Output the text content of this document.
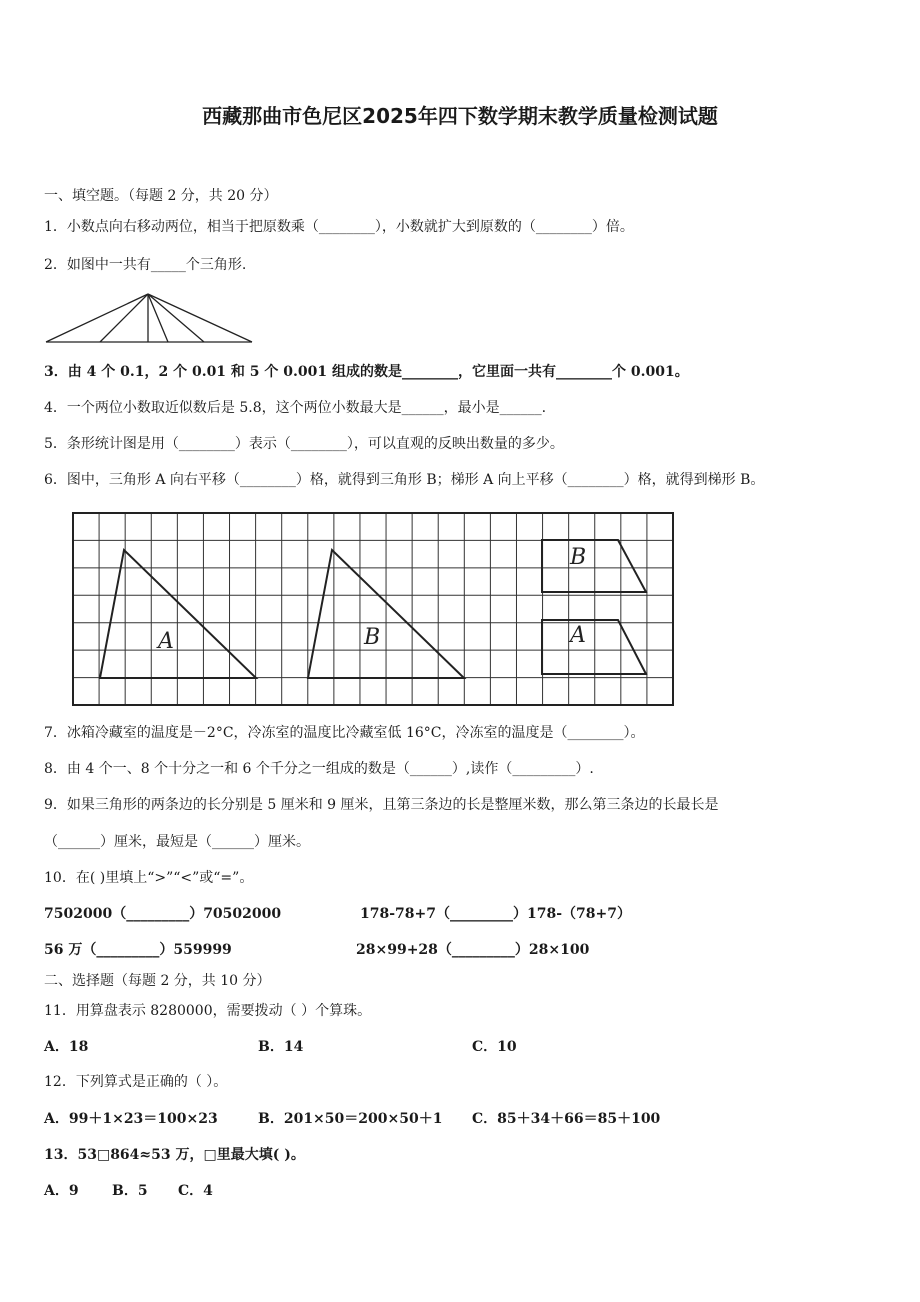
西藏那曲市色尼区2025年四下数学期末教学质量检测试题
一、填空题。（每题 2 分，共 20 分）
1．小数点向右移动两位，相当于把原数乘（________），小数就扩大到原数的（________）倍。
2．如图中一共有_____个三角形.
3．由 4 个 0.1，2 个 0.01 和 5 个 0.001 组成的数是________，它里面一共有________个 0.001。
4．一个两位小数取近似数后是 5.8，这个两位小数最大是______，最小是______.
5．条形统计图是用（________）表示（________），可以直观的反映出数量的多少。
6．图中，三角形 A 向右平移（________）格，就得到三角形 B；梯形 A 向上平移（________）格，就得到梯形 B。
A	B
B
A
7．冰箱冷藏室的温度是－2°C，冷冻室的温度比冷藏室低 16°C，冷冻室的温度是（________）。
8．由 4 个一、8 个十分之一和 6 个千分之一组成的数是（______）,读作（_________）.
9．如果三角形的两条边的长分别是 5 厘米和 9 厘米，且第三条边的长是整厘米数，那么第三条边的长最长是
（______）厘米，最短是（______）厘米。
10．在( )里填上“>”“<”或“=”。
7502000（_________）70502000	178-78+7（_________）178-（78+7）
56 万（_________）559999	28×99+28（_________）28×100
二、选择题（每题 2 分，共 10 分）
11．用算盘表示 8280000，需要拨动（ ）个算珠。
A．18	B．14	C．10
12．下列算式是正确的（ ）。
A．99＋1×23＝100×23	B．201×50＝200×50＋1 C．85＋34＋66＝85＋100
13．53□864≈53 万，□里最大填( )。
A．9 B．5 C．4
